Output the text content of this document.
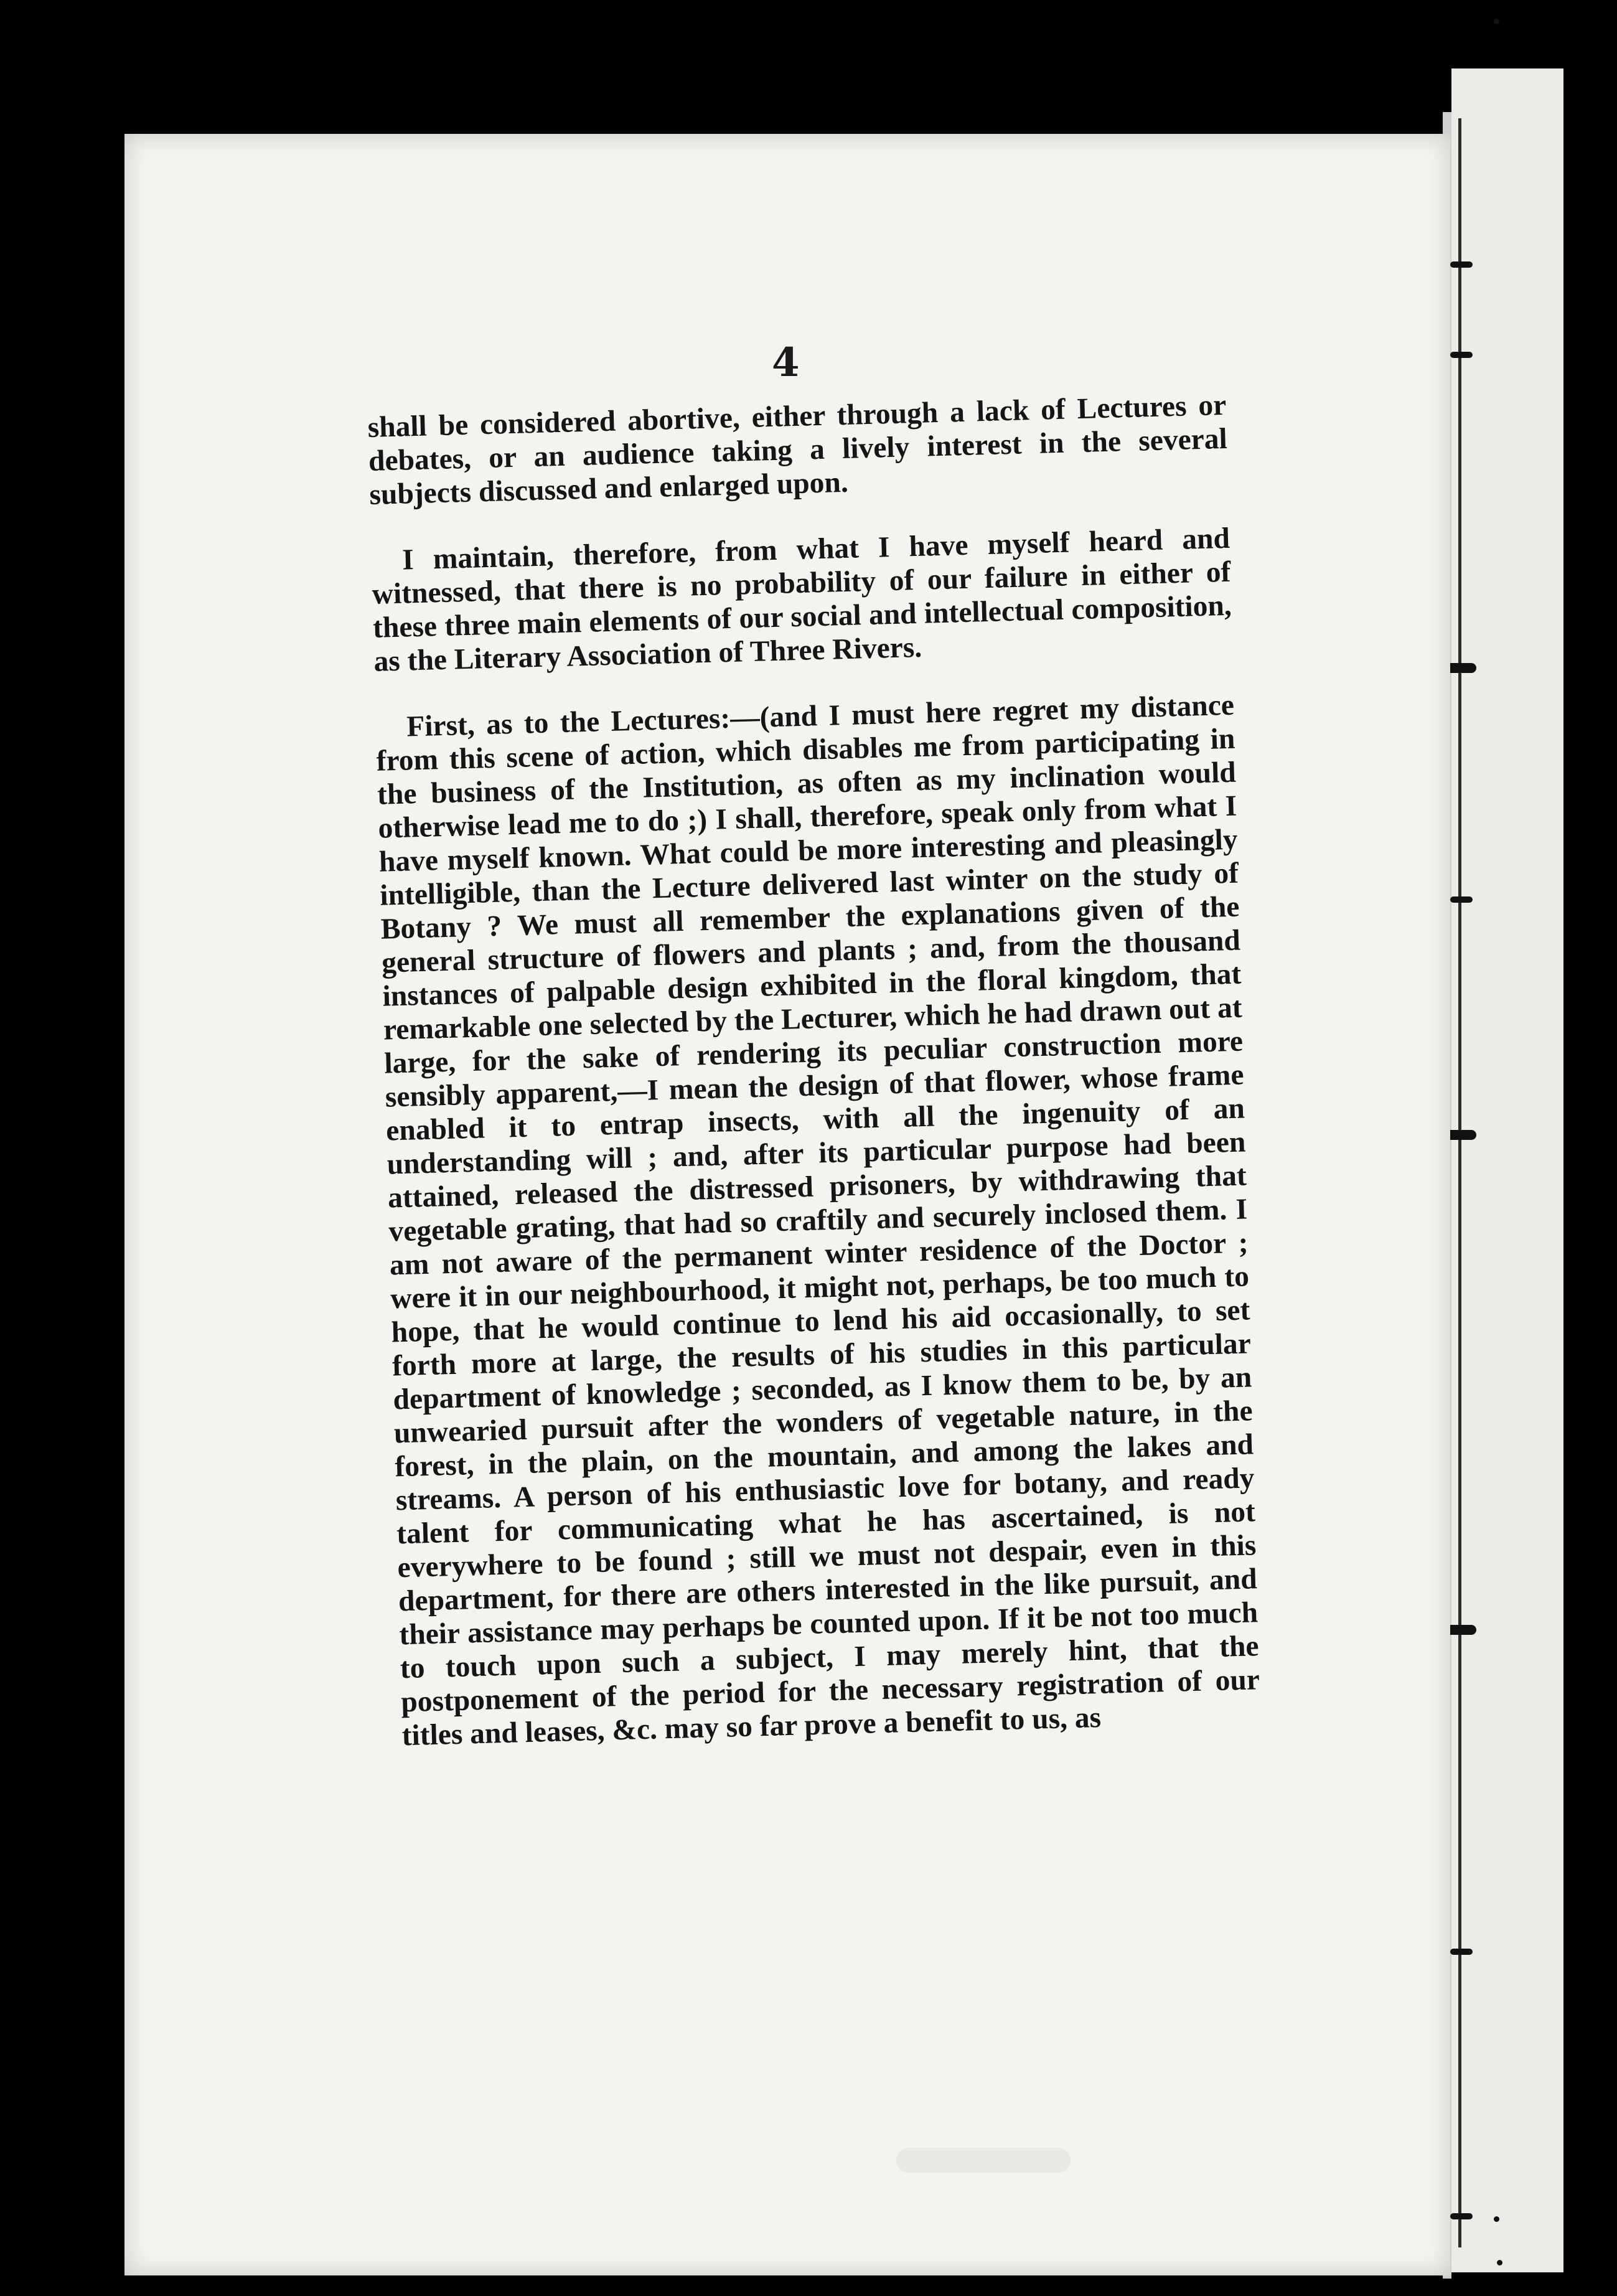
4

shall be considered abortive, either through a lack of Lectures or debates, or an audience taking a lively interest in the several subjects discussed and enlarged upon.

I maintain, therefore, from what I have myself heard and witnessed, that there is no probability of our failure in either of these three main elements of our social and intellectual composition, as the Literary Association of Three Rivers.

First, as to the Lectures:—(and I must here regret my distance from this scene of action, which disables me from participating in the business of the Institution, as often as my inclination would otherwise lead me to do ;) I shall, therefore, speak only from what I have myself known. What could be more interesting and pleasingly intelligible, than the Lecture delivered last winter on the study of Botany ? We must all remember the explanations given of the general structure of flowers and plants ; and, from the thousand instances of palpable design exhibited in the floral kingdom, that remarkable one selected by the Lecturer, which he had drawn out at large, for the sake of rendering its peculiar construction more sensibly apparent,—I mean the design of that flower, whose frame enabled it to entrap insects, with all the ingenuity of an understanding will ; and, after its particular purpose had been attained, released the distressed prisoners, by withdrawing that vegetable grating, that had so craftily and securely inclosed them. I am not aware of the permanent winter residence of the Doctor ; were it in our neighbourhood, it might not, perhaps, be too much to hope, that he would continue to lend his aid occasionally, to set forth more at large, the results of his studies in this particular department of knowledge ; seconded, as I know them to be, by an unwearied pursuit after the wonders of vegetable nature, in the forest, in the plain, on the mountain, and among the lakes and streams. A person of his enthusiastic love for botany, and ready talent for communicating what he has ascertained, is not everywhere to be found ; still we must not despair, even in this department, for there are others interested in the like pursuit, and their assistance may perhaps be counted upon. If it be not too much to touch upon such a subject, I may merely hint, that the postponement of the period for the necessary registration of our titles and leases, &c. may so far prove a benefit to us, as
